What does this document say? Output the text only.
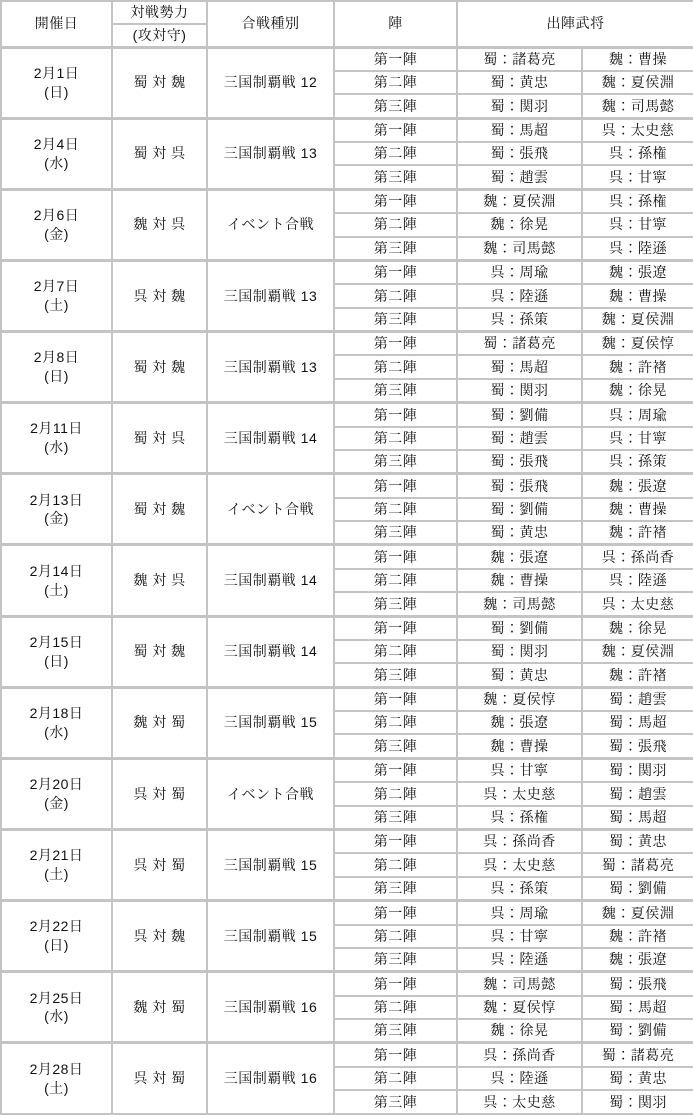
開催日	対戦勢力	合戦種別	陣	出陣武将	
	(攻対守)				

2月1日
(日)	蜀 対 魏	三国制覇戦 12	第一陣	蜀：諸葛亮	魏：曹操
			第二陣	蜀：黄忠	魏：夏侯淵
			第三陣	蜀：関羽	魏：司馬懿

2月4日
(水)	蜀 対 呉	三国制覇戦 13	第一陣	蜀：馬超	呉：太史慈
			第二陣	蜀：張飛	呉：孫権
			第三陣	蜀：趙雲	呉：甘寧

2月6日
(金)	魏 対 呉	イベント合戦	第一陣	魏：夏侯淵	呉：孫権
			第二陣	魏：徐晃	呉：甘寧
			第三陣	魏：司馬懿	呉：陸遜

2月7日
(土)	呉 対 魏	三国制覇戦 13	第一陣	呉：周瑜	魏：張遼
			第二陣	呉：陸遜	魏：曹操
			第三陣	呉：孫策	魏：夏侯淵

2月8日
(日)	蜀 対 魏	三国制覇戦 13	第一陣	蜀：諸葛亮	魏：夏侯惇
			第二陣	蜀：馬超	魏：許褚
			第三陣	蜀：関羽	魏：徐晃

2月11日
(水)	蜀 対 呉	三国制覇戦 14	第一陣	蜀：劉備	呉：周瑜
			第二陣	蜀：趙雲	呉：甘寧
			第三陣	蜀：張飛	呉：孫策

2月13日
(金)	蜀 対 魏	イベント合戦	第一陣	蜀：張飛	魏：張遼
			第二陣	蜀：劉備	魏：曹操
			第三陣	蜀：黄忠	魏：許褚

2月14日
(土)	魏 対 呉	三国制覇戦 14	第一陣	魏：張遼	呉：孫尚香
			第二陣	魏：曹操	呉：陸遜
			第三陣	魏：司馬懿	呉：太史慈

2月15日
(日)	蜀 対 魏	三国制覇戦 14	第一陣	蜀：劉備	魏：徐晃
			第二陣	蜀：関羽	魏：夏侯淵
			第三陣	蜀：黄忠	魏：許褚

2月18日
(水)	魏 対 蜀	三国制覇戦 15	第一陣	魏：夏侯惇	蜀：趙雲
			第二陣	魏：張遼	蜀：馬超
			第三陣	魏：曹操	蜀：張飛

2月20日
(金)	呉 対 蜀	イベント合戦	第一陣	呉：甘寧	蜀：関羽
			第二陣	呉：太史慈	蜀：趙雲
			第三陣	呉：孫権	蜀：馬超

2月21日
(土)	呉 対 蜀	三国制覇戦 15	第一陣	呉：孫尚香	蜀：黄忠
			第二陣	呉：太史慈	蜀：諸葛亮
			第三陣	呉：孫策	蜀：劉備

2月22日
(日)	呉 対 魏	三国制覇戦 15	第一陣	呉：周瑜	魏：夏侯淵
			第二陣	呉：甘寧	魏：許褚
			第三陣	呉：陸遜	魏：張遼

2月25日
(水)	魏 対 蜀	三国制覇戦 16	第一陣	魏：司馬懿	蜀：張飛
			第二陣	魏：夏侯惇	蜀：馬超
			第三陣	魏：徐晃	蜀：劉備

2月28日
(土)	呉 対 蜀	三国制覇戦 16	第一陣	呉：孫尚香	蜀：諸葛亮
			第二陣	呉：陸遜	蜀：黄忠
			第三陣	呉：太史慈	蜀：関羽
